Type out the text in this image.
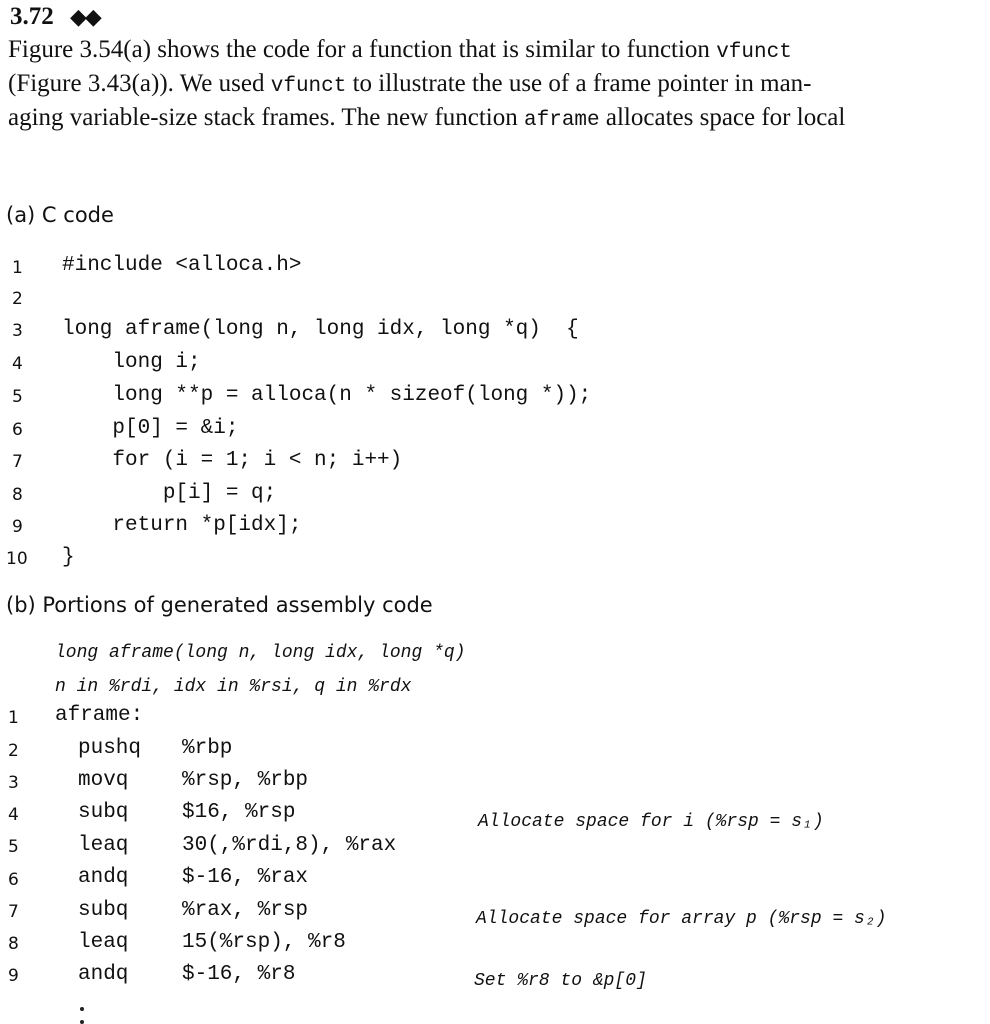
3.72 ◆◆
Figure 3.54(a) shows the code for a function that is similar to function vfunct
(Figure 3.43(a)). We used vfunct to illustrate the use of a frame pointer in man-
aging variable-size stack frames. The new function aframe allocates space for local
(a) C code
1	#include <alloca.h>
2
3	long aframe(long n, long idx, long *q)  {
4	long i;
5	long **p = alloca(n * sizeof(long *));
6	p[0] = &i;
7	for (i = 1; i < n; i++)
8	p[i] = q;
9	return *p[idx];
10	}
(b) Portions of generated assembly code
long aframe(long n, long idx, long *q)
n in %rdi, idx in %rsi, q in %rdx
1	aframe:
2	pushq %rbp
3	movq	%rsp, %rbp
4	subq	$16, %rsp	Allocate space for i (%rsp = s₁)
5	leaq	30(,%rdi,8), %rax
6	andq	$-16, %rax
7	subq	%rax, %rsp	Allocate space for array p (%rsp = s₂)
8	leaq	15(%rsp), %r8
9	andq	$-16, %r8	Set %r8 to &p[0]
